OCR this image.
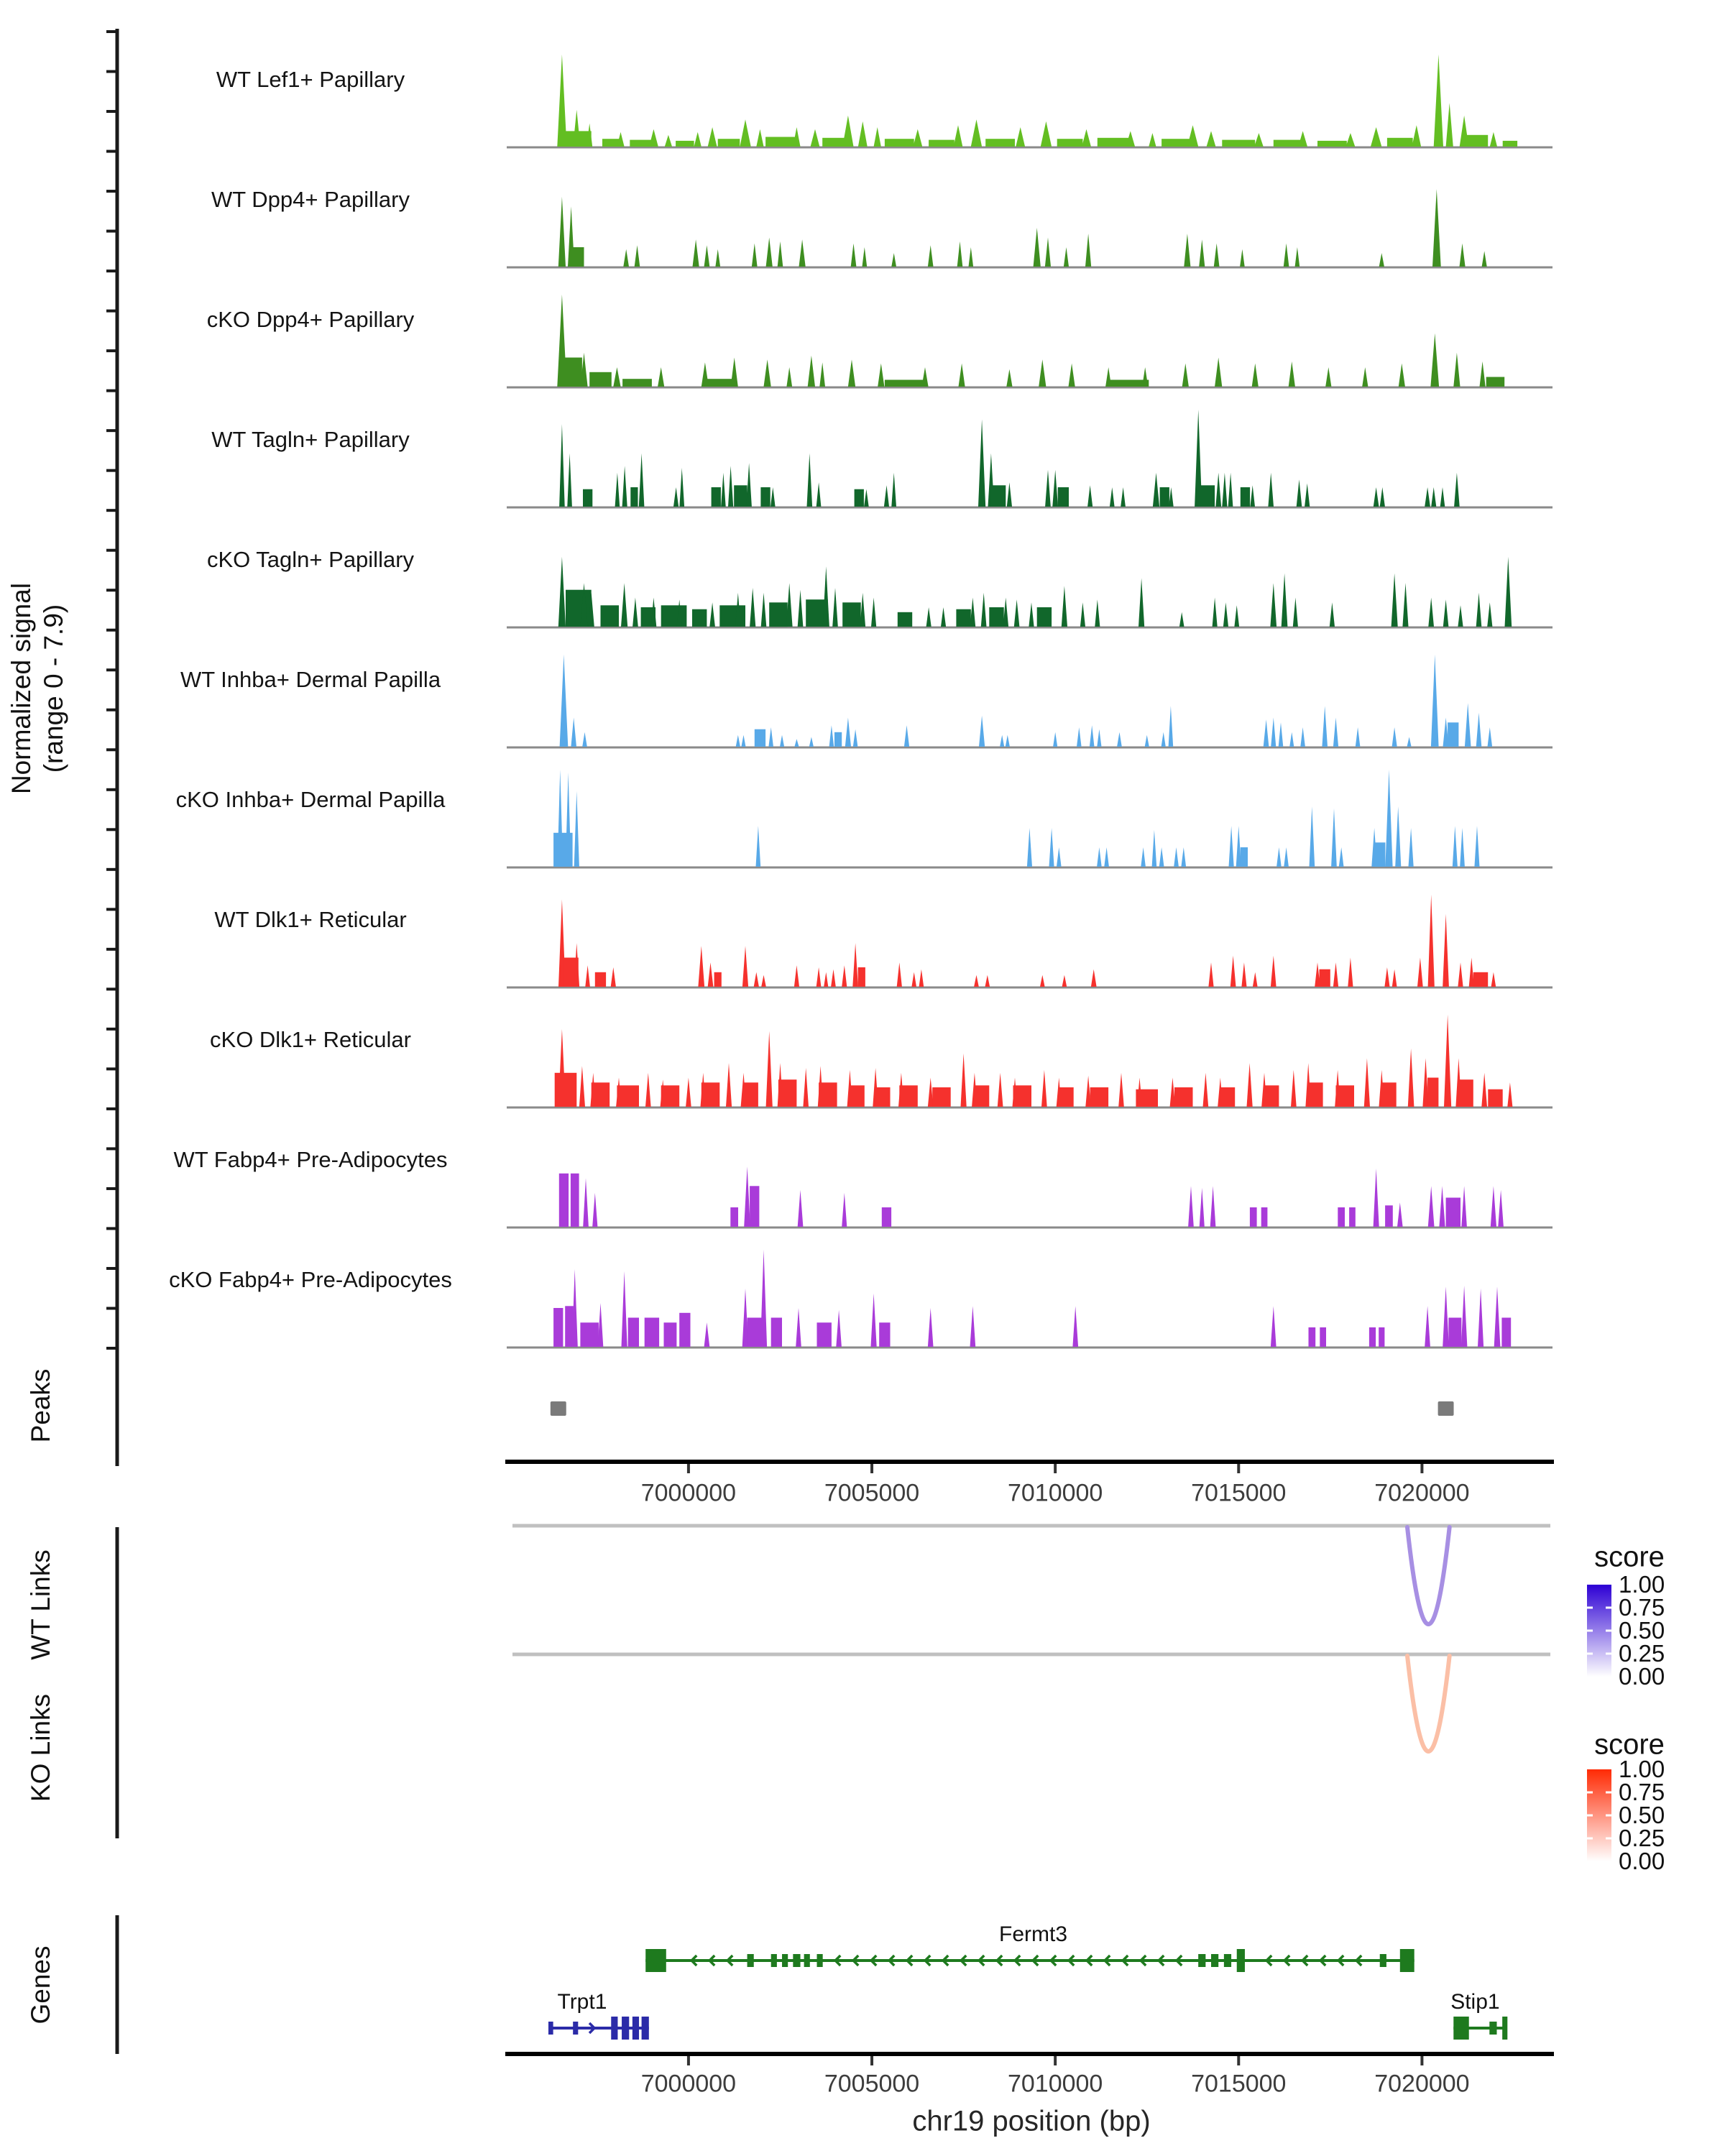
Normalized signal (range 0 - 7.9)
Peaks
WT Links
KO Links
Genes
chr19 position (bp)
WT Lef1+ Papillary
WT Dpp4+ Papillary
cKO Dpp4+ Papillary
WT Tagln+ Papillary
cKO Tagln+ Papillary
WT Inhba+ Dermal Papilla
cKO Inhba+ Dermal Papilla
WT Dlk1+ Reticular
cKO Dlk1+ Reticular
WT Fabp4+ Pre-Adipocytes
cKO Fabp4+ Pre-Adipocytes
7000000	7005000	7010000	7015000	7020000
7000000	7005000	7010000	7015000	7020000
score
1.00
0.75
0.50
0.25
0.00
score
1.00
0.75
0.50
0.25
0.00
Fermt3
Trpt1	Stip1
